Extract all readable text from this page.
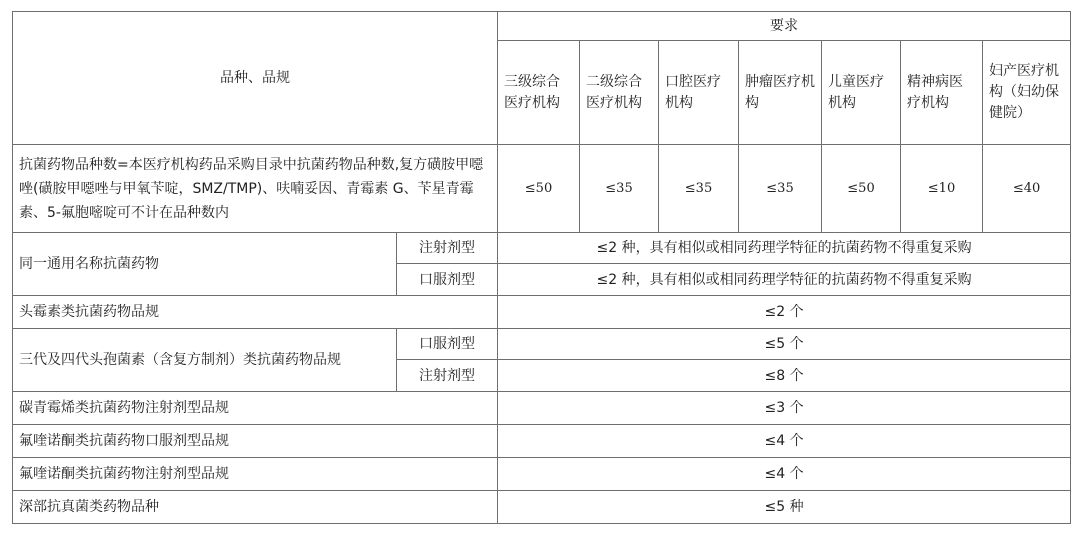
品种、品规		要求						
		三级综合医疗机构	二级综合医疗机构	口腔医疗机构	肿瘤医疗机构	儿童医疗机构	精神病医疗机构	妇产医疗机构（妇幼保健院）
抗菌药物品种数=本医疗机构药品采购目录中抗菌药物品种数,复方磺胺甲噁唑(磺胺甲噁唑与甲氧苄啶，SMZ/TMP)、呋喃妥因、青霉素 G、苄星青霉素、5-氟胞嘧啶可不计在品种数内		≤50	≤35	≤35	≤35	≤50	≤10	≤40
同一通用名称抗菌药物	注射剂型	≤2 种，具有相似或相同药理学特征的抗菌药物不得重复采购						
	口服剂型	≤2 种，具有相似或相同药理学特征的抗菌药物不得重复采购						
头霉素类抗菌药物品规		≤2 个						
三代及四代头孢菌素（含复方制剂）类抗菌药物品规	口服剂型	≤5 个						
	注射剂型	≤8 个						
碳青霉烯类抗菌药物注射剂型品规		≤3 个						
氟喹诺酮类抗菌药物口服剂型品规		≤4 个						
氟喹诺酮类抗菌药物注射剂型品规		≤4 个						
深部抗真菌类药物品种		≤5 种						
